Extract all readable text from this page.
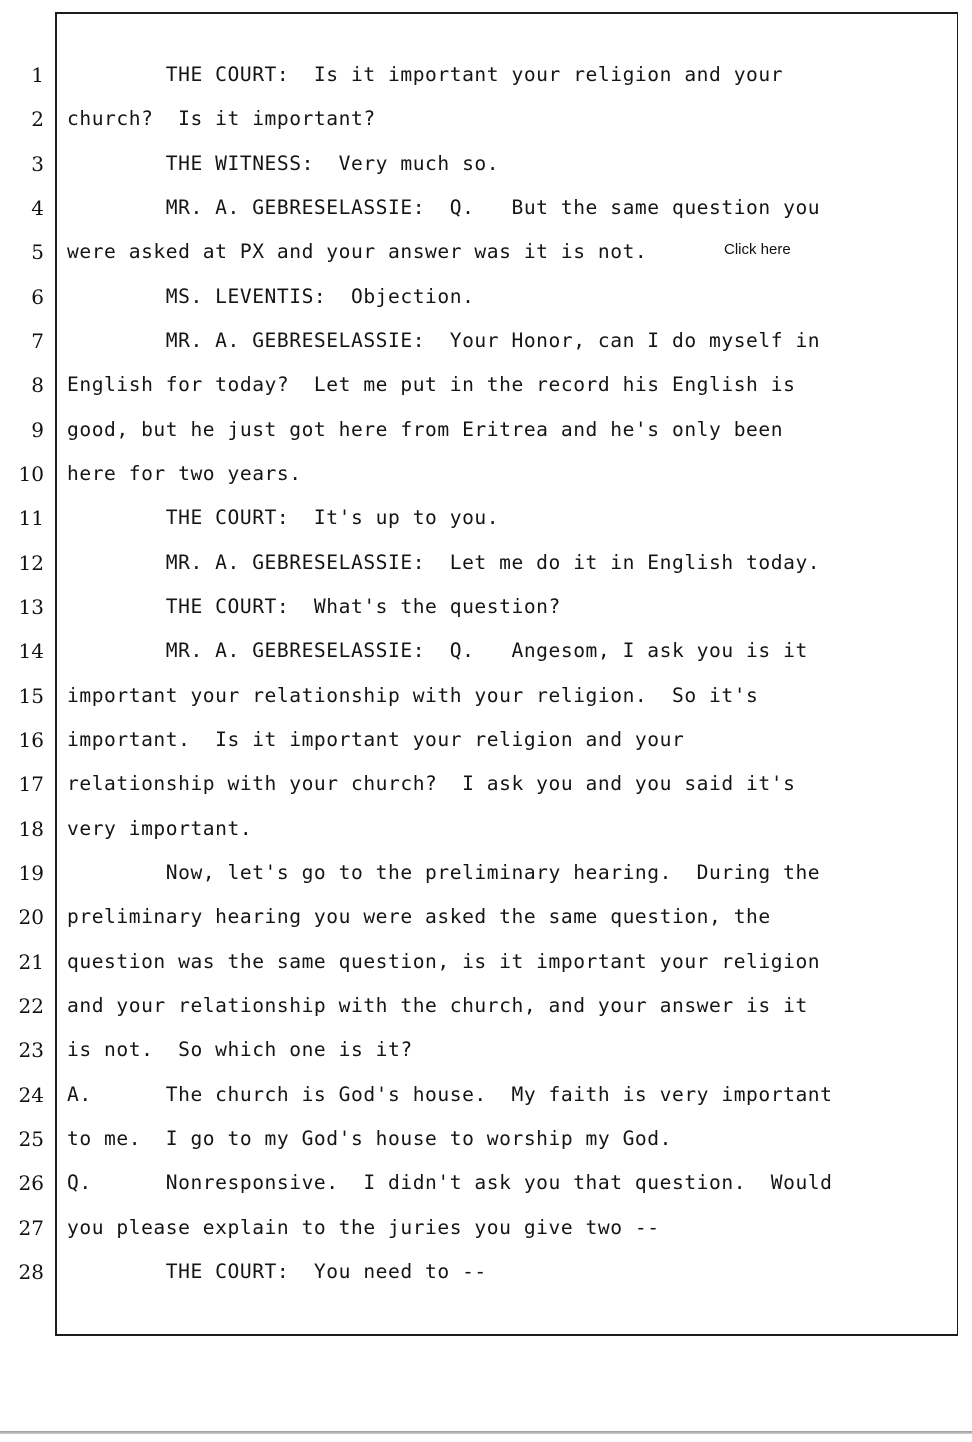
1
2
3
4
5
6
7
8
9
10
11
12
13
14
15
16
17
18
19
20
21
22
23
24
25
26
27
28
THE COURT:  Is it important your religion and your
church?  Is it important?
THE WITNESS:  Very much so.
MR. A. GEBRESELASSIE:  Q.   But the same question you
were asked at PX and your answer was it is not.
MS. LEVENTIS:  Objection.
MR. A. GEBRESELASSIE:  Your Honor, can I do myself in
English for today?  Let me put in the record his English is
good, but he just got here from Eritrea and he's only been
here for two years.
THE COURT:  It's up to you.
MR. A. GEBRESELASSIE:  Let me do it in English today.
THE COURT:  What's the question?
MR. A. GEBRESELASSIE:  Q.   Angesom, I ask you is it
important your relationship with your religion.  So it's
important.  Is it important your religion and your
relationship with your church?  I ask you and you said it's
very important.
Now, let's go to the preliminary hearing.  During the
preliminary hearing you were asked the same question, the
question was the same question, is it important your religion
and your relationship with the church, and your answer is it
is not.  So which one is it?
A.      The church is God's house.  My faith is very important
to me.  I go to my God's house to worship my God.
Q.      Nonresponsive.  I didn't ask you that question.  Would
you please explain to the juries you give two --
THE COURT:  You need to --
Click here
